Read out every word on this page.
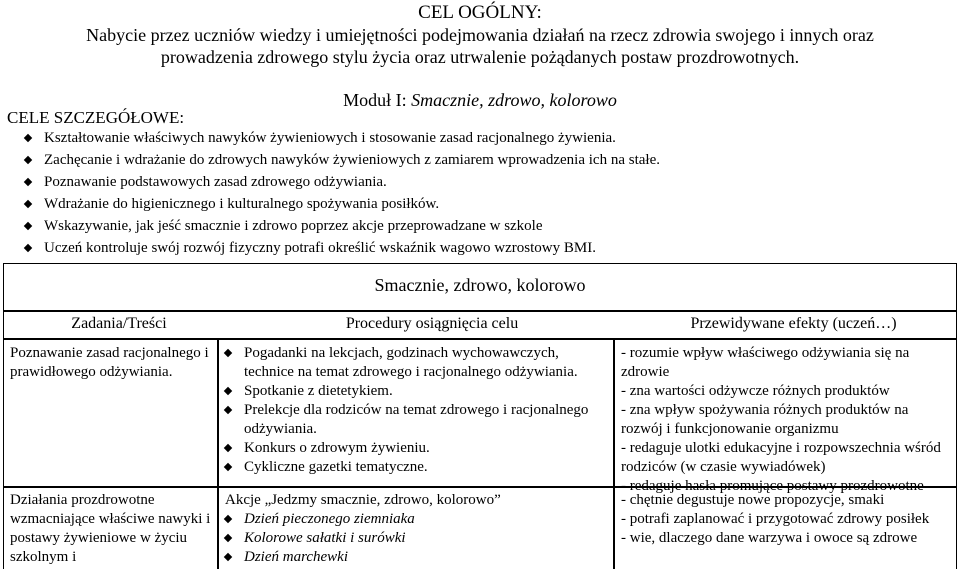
CEL OGÓLNY:
Nabycie przez uczniów wiedzy i umiejętności podejmowania działań na rzecz zdrowia swojego i innych oraz
prowadzenia zdrowego stylu życia oraz utrwalenie pożądanych postaw prozdrowotnych.
Moduł I: Smacznie, zdrowo, kolorowo
CELE SZCZEGÓŁOWE:
Kształtowanie właściwych nawyków żywieniowych i stosowanie zasad racjonalnego żywienia.
Zachęcanie i wdrażanie do zdrowych nawyków żywieniowych z zamiarem wprowadzenia ich na stałe.
Poznawanie podstawowych zasad zdrowego odżywiania.
Wdrażanie do higienicznego i kulturalnego spożywania posiłków.
Wskazywanie, jak jeść smacznie i zdrowo poprzez akcje przeprowadzane w szkole
Uczeń kontroluje swój rozwój fizyczny potrafi określić wskaźnik wagowo wzrostowy BMI.
Smacznie, zdrowo, kolorowo
Zadania/Treści	Procedury osiągnięcia celu	Przewidywane efekty (uczeń…)
Poznawanie zasad racjonalnego i prawidłowego odżywiania.
Pogadanki na lekcjach, godzinach wychowawczych, technice na temat zdrowego i racjonalnego odżywiania.
Spotkanie z dietetykiem.
Prelekcje dla rodziców na temat zdrowego i racjonalnego odżywiania.
Konkurs o zdrowym żywieniu.
Cykliczne gazetki tematyczne.
- rozumie wpływ właściwego odżywiania się na zdrowie
- zna wartości odżywcze różnych produktów
- zna wpływ spożywania różnych produktów na rozwój i funkcjonowanie organizmu
- redaguje ulotki edukacyjne i rozpowszechnia wśród rodziców (w czasie wywiadówek)
- redaguje hasła promujące postawy prozdrowotne
Działania prozdrowotne wzmacniające właściwe nawyki i postawy żywieniowe w życiu szkolnym i
Akcje „Jedzmy smacznie, zdrowo, kolorowo”
Dzień pieczonego ziemniaka
Kolorowe sałatki i surówki
Dzień marchewki
- chętnie degustuje nowe propozycje, smaki
- potrafi zaplanować i przygotować zdrowy posiłek
- wie, dlaczego dane warzywa i owoce są zdrowe
